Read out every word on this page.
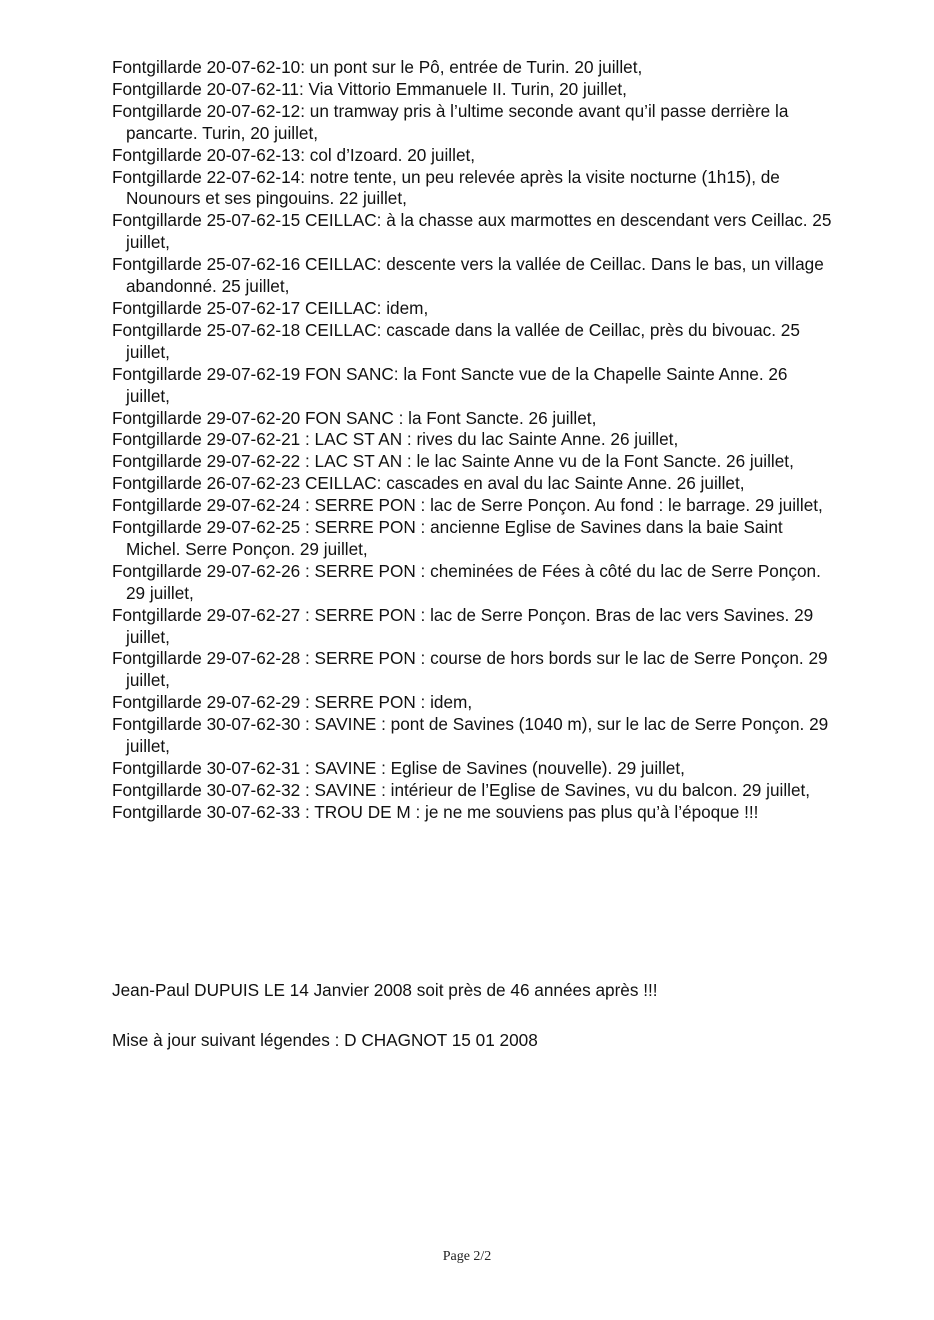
Fontgillarde 20-07-62-10: un pont sur le Pô, entrée de Turin. 20 juillet,
Fontgillarde 20-07-62-11: Via Vittorio Emmanuele II. Turin, 20 juillet,
Fontgillarde 20-07-62-12: un tramway pris à l’ultime seconde avant qu’il passe derrière la pancarte. Turin, 20 juillet,
Fontgillarde 20-07-62-13: col d’Izoard. 20 juillet,
Fontgillarde 22-07-62-14: notre tente, un peu relevée après la visite nocturne (1h15), de Nounours et ses pingouins. 22 juillet,
Fontgillarde 25-07-62-15 CEILLAC: à la chasse aux marmottes en descendant vers Ceillac. 25 juillet,
Fontgillarde 25-07-62-16 CEILLAC: descente vers la vallée de Ceillac. Dans le bas, un village abandonné. 25 juillet,
Fontgillarde 25-07-62-17 CEILLAC: idem,
Fontgillarde 25-07-62-18 CEILLAC: cascade dans la vallée de Ceillac, près du bivouac. 25 juillet,
Fontgillarde 29-07-62-19 FON SANC: la Font Sancte vue de la Chapelle Sainte Anne. 26 juillet,
Fontgillarde 29-07-62-20 FON SANC : la Font Sancte. 26 juillet,
Fontgillarde 29-07-62-21 : LAC ST AN : rives du lac Sainte Anne. 26 juillet,
Fontgillarde 29-07-62-22 : LAC ST AN : le lac Sainte Anne vu de la Font Sancte. 26 juillet,
Fontgillarde 26-07-62-23 CEILLAC: cascades en aval du lac Sainte Anne. 26 juillet,
Fontgillarde 29-07-62-24 : SERRE PON : lac de Serre Ponçon. Au fond : le barrage. 29 juillet,
Fontgillarde 29-07-62-25 : SERRE PON : ancienne Eglise de Savines dans la baie Saint Michel. Serre Ponçon. 29 juillet,
Fontgillarde 29-07-62-26 : SERRE PON : cheminées de Fées à côté du lac de Serre Ponçon. 29 juillet,
Fontgillarde 29-07-62-27 : SERRE PON : lac de Serre Ponçon. Bras de lac vers Savines. 29 juillet,
Fontgillarde 29-07-62-28 : SERRE PON : course de hors bords sur le lac de Serre Ponçon. 29 juillet,
Fontgillarde 29-07-62-29 : SERRE PON : idem,
Fontgillarde 30-07-62-30 : SAVINE : pont de Savines (1040 m), sur le lac de Serre Ponçon. 29 juillet,
Fontgillarde 30-07-62-31 : SAVINE : Eglise de Savines (nouvelle). 29 juillet,
Fontgillarde 30-07-62-32 : SAVINE : intérieur de l’Eglise de Savines, vu du balcon. 29 juillet,
Fontgillarde 30-07-62-33 : TROU DE M : je ne me souviens pas plus qu’à l’époque !!!

Jean-Paul DUPUIS LE 14 Janvier 2008 soit près de 46 années après !!!

Mise à jour suivant légendes : D CHAGNOT 15 01 2008

Page 2/2
